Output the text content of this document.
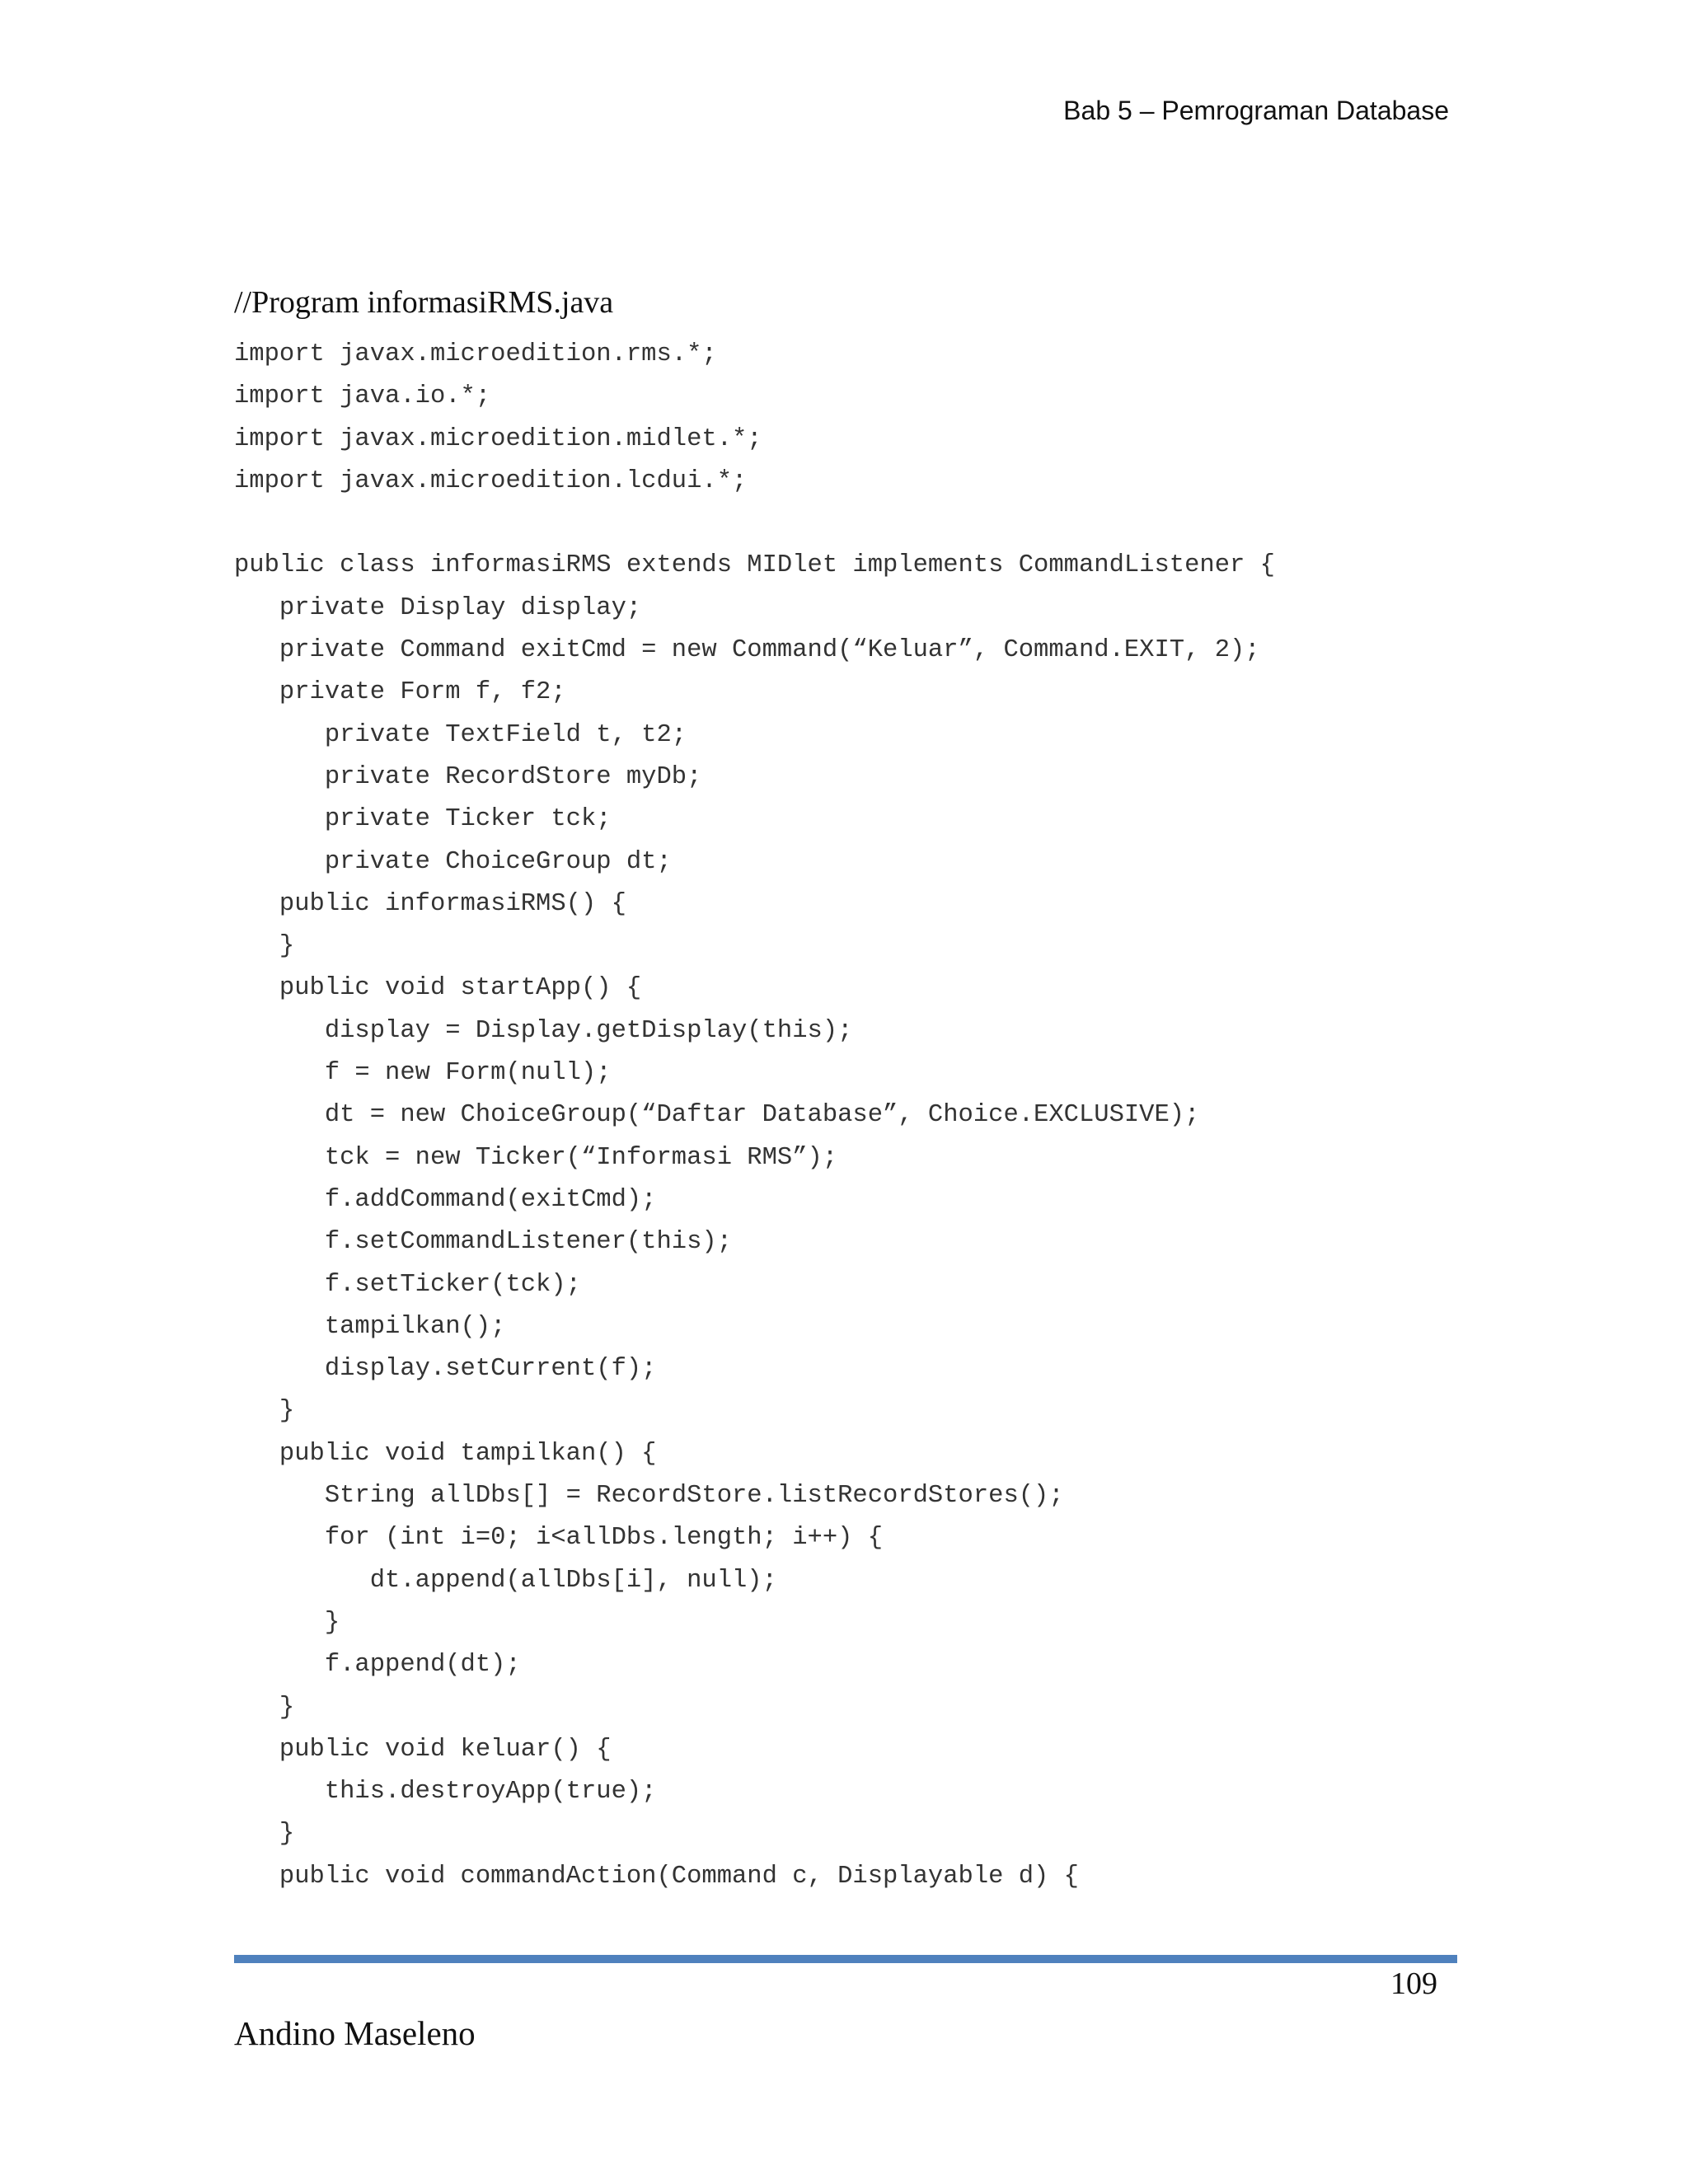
Bab 5 – Pemrograman Database
//Program informasiRMS.java
import javax.microedition.rms.*;
import java.io.*;
import javax.microedition.midlet.*;
import javax.microedition.lcdui.*;
public class informasiRMS extends MIDlet implements CommandListener {
private Display display;
private Command exitCmd = new Command(“Keluar”, Command.EXIT, 2);
private Form f, f2;
private TextField t, t2;
private RecordStore myDb;
private Ticker tck;
private ChoiceGroup dt;
public informasiRMS() {
}
public void startApp() {
display = Display.getDisplay(this);
f = new Form(null);
dt = new ChoiceGroup(“Daftar Database”, Choice.EXCLUSIVE);
tck = new Ticker(“Informasi RMS”);
f.addCommand(exitCmd);
f.setCommandListener(this);
f.setTicker(tck);
tampilkan();
display.setCurrent(f);
}
public void tampilkan() {
String allDbs[] = RecordStore.listRecordStores();
for (int i=0; i<allDbs.length; i++) {
dt.append(allDbs[i], null);
}
f.append(dt);
}
public void keluar() {
this.destroyApp(true);
}
public void commandAction(Command c, Displayable d) {
109
Andino Maseleno
